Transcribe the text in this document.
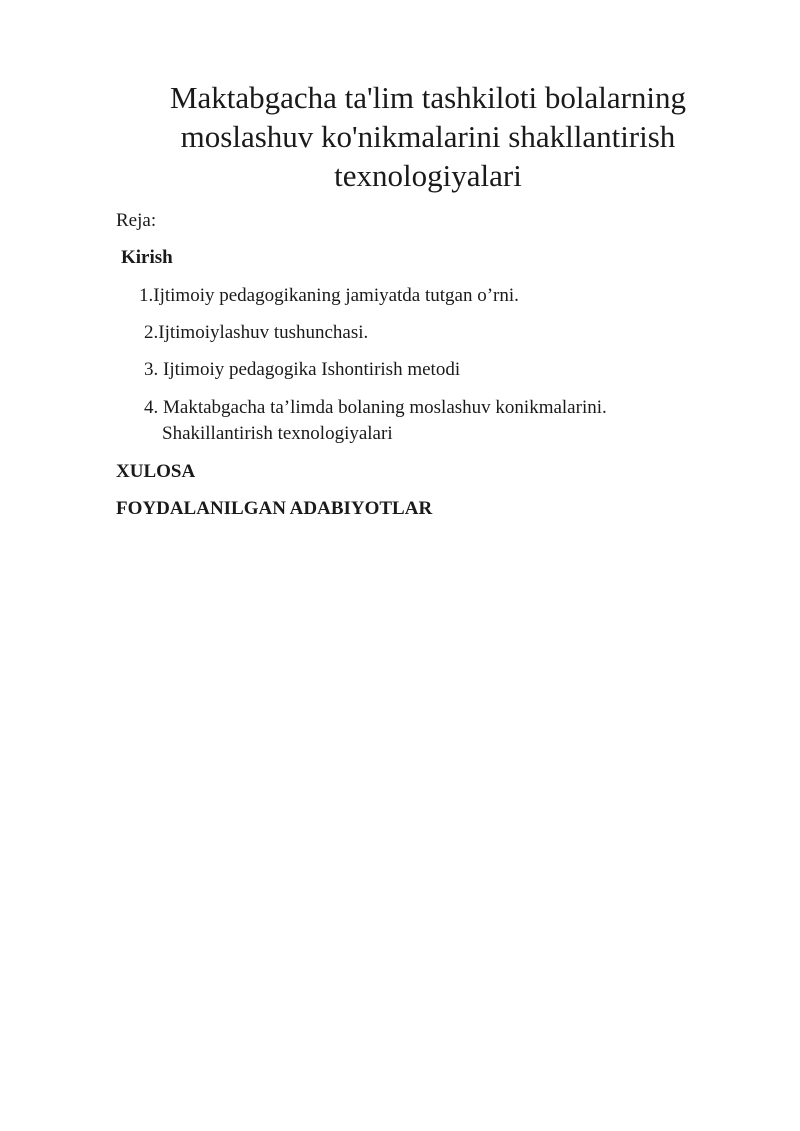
Maktabgacha ta'lim tashkiloti bolalarning
moslashuv ko'nikmalarini shakllantirish
texnologiyalari

Reja:

Kirish

1.Ijtimoiy pedagogikaning jamiyatda tutgan o’rni.

2.Ijtimoiylashuv tushunchasi.

3. Ijtimoiy pedagogika Ishontirish metodi

4. Maktabgacha ta’limda bolaning moslashuv konikmalarini.

Shakillantirish texnologiyalari

XULOSA

FOYDALANILGAN ADABIYOTLAR
